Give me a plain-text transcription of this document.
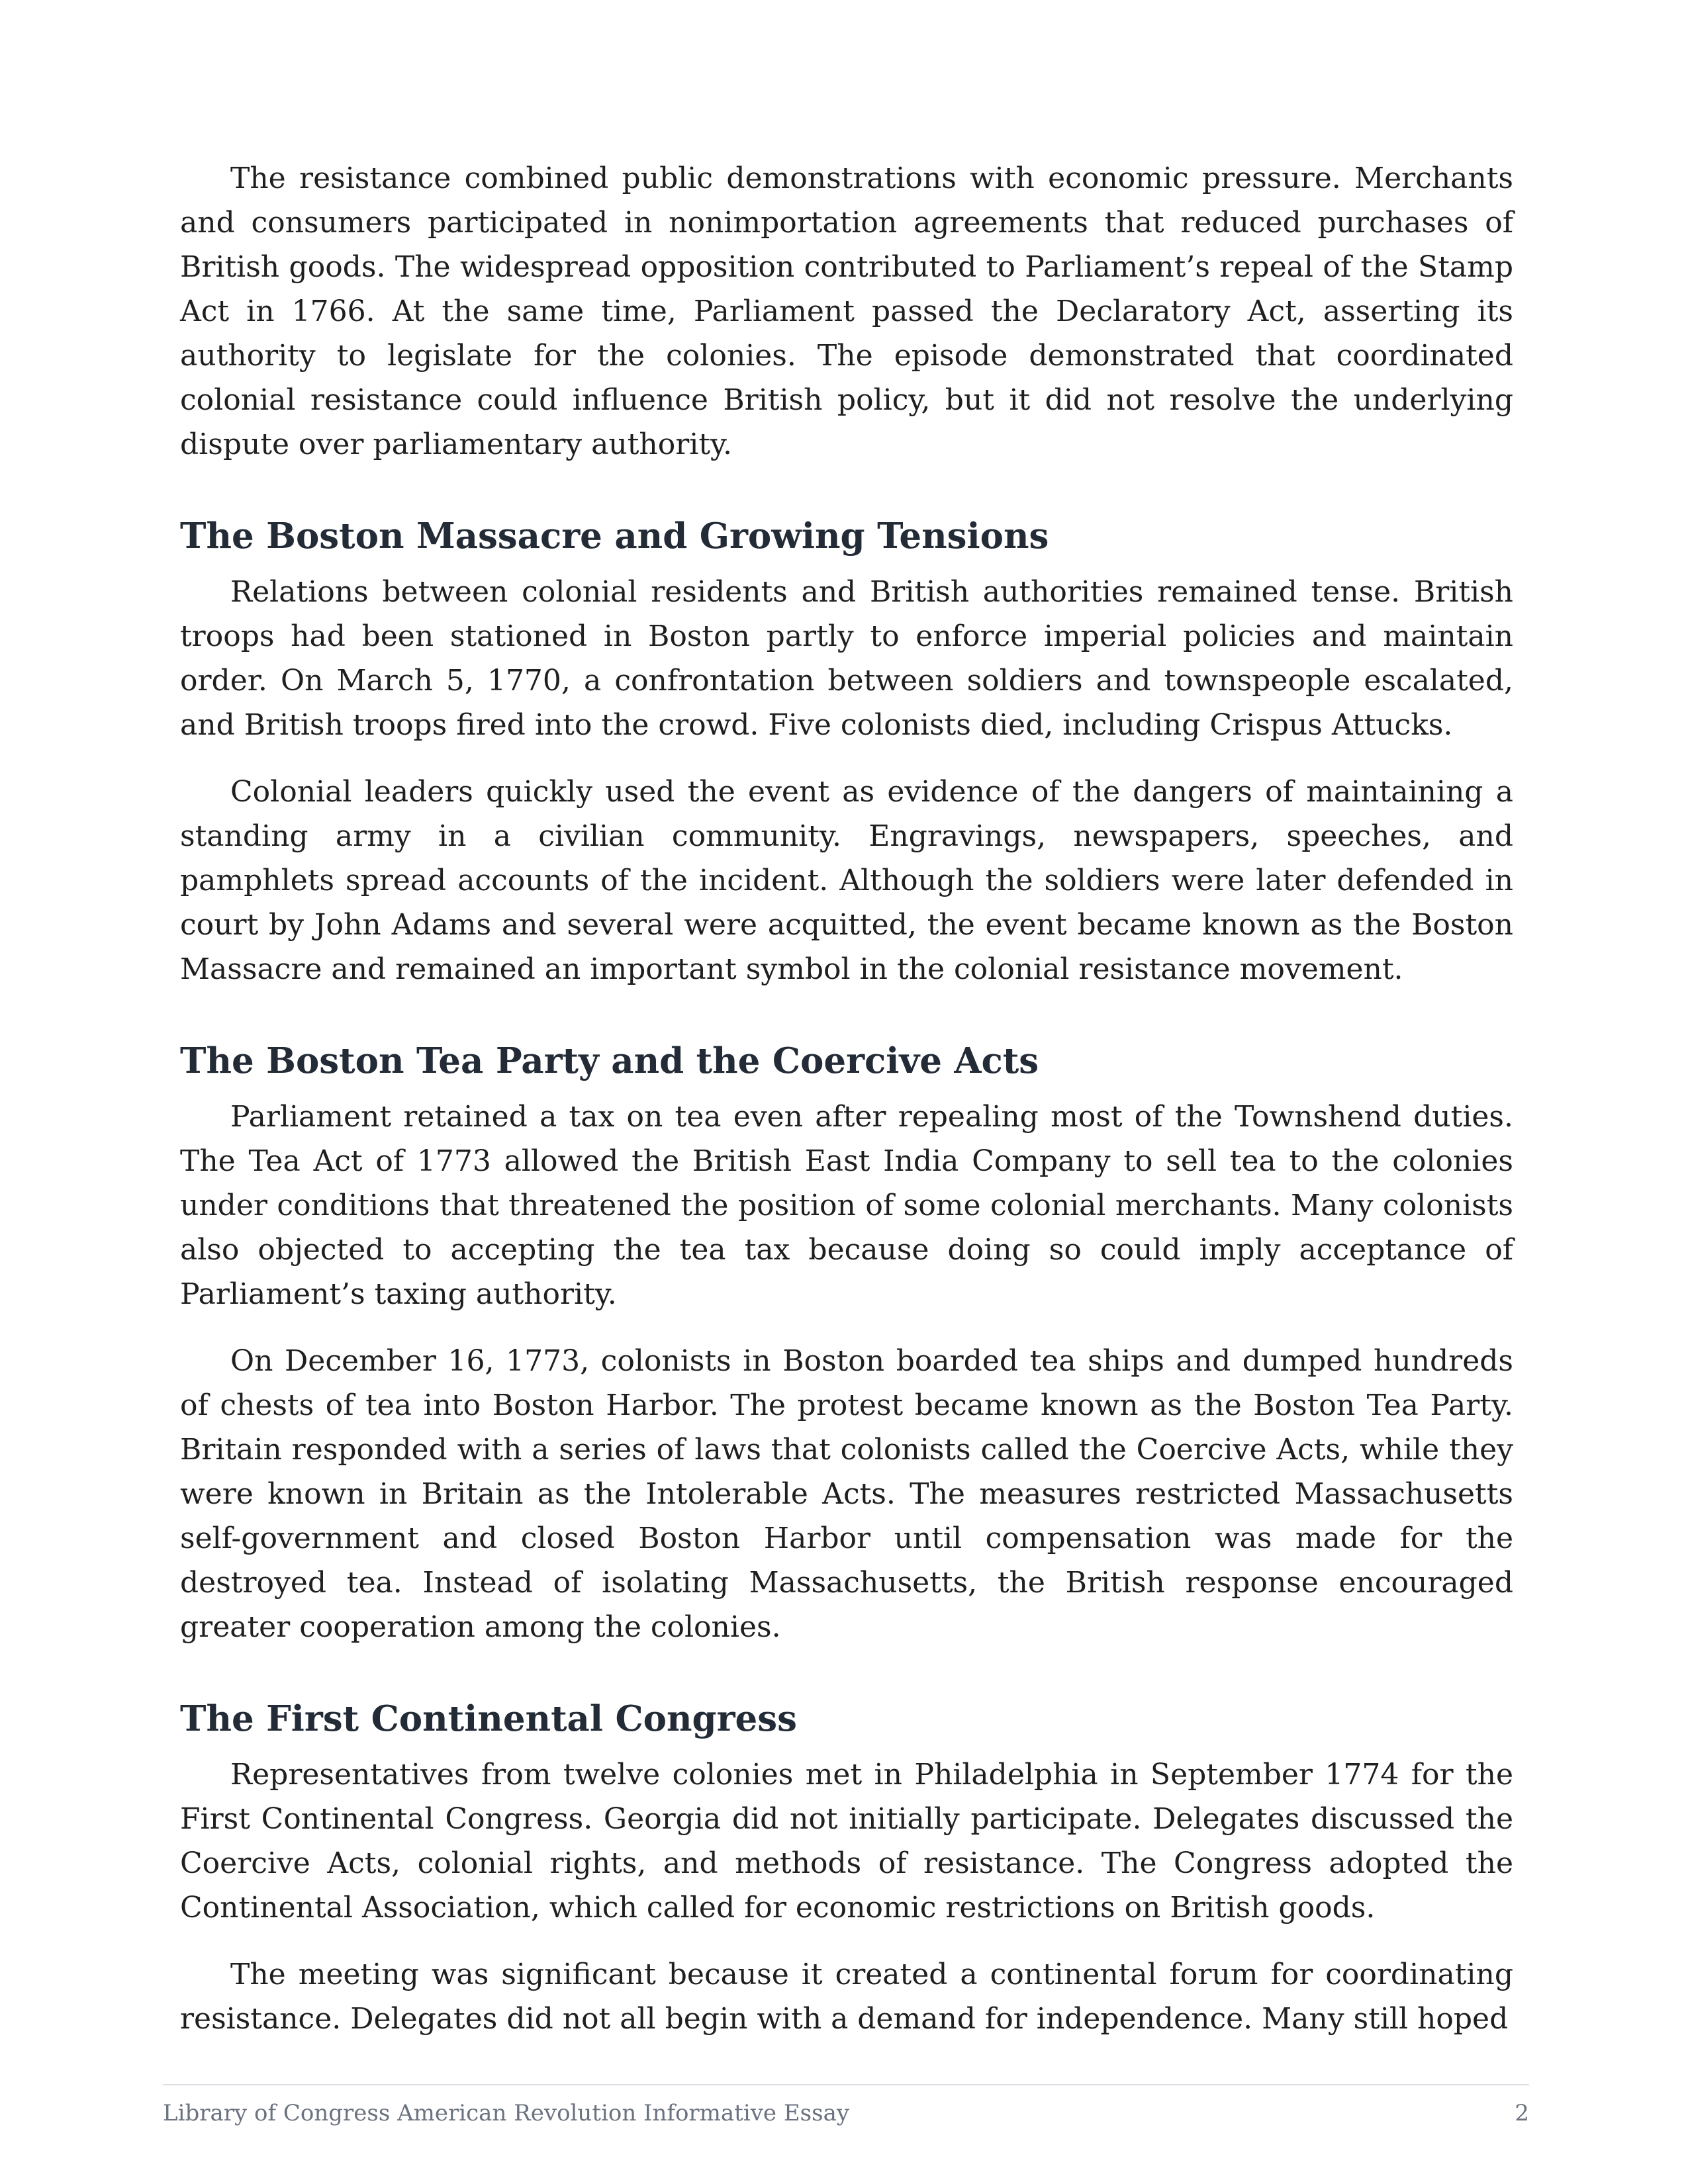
The resistance combined public demonstrations with economic pressure. Merchants and consumers participated in nonimportation agreements that reduced purchases of British goods. The widespread opposition contributed to Parliament’s repeal of the Stamp Act in 1766. At the same time, Parliament passed the Declaratory Act, asserting its authority to legislate for the colonies. The episode demonstrated that coordinated colonial resistance could influence British policy, but it did not resolve the underlying dispute over parliamentary authority.

The Boston Massacre and Growing Tensions

Relations between colonial residents and British authorities remained tense. British troops had been stationed in Boston partly to enforce imperial policies and maintain order. On March 5, 1770, a confrontation between soldiers and townspeople escalated, and British troops fired into the crowd. Five colonists died, including Crispus Attucks.

Colonial leaders quickly used the event as evidence of the dangers of maintaining a standing army in a civilian community. Engravings, newspapers, speeches, and pamphlets spread accounts of the incident. Although the soldiers were later defended in court by John Adams and several were acquitted, the event became known as the Boston Massacre and remained an important symbol in the colonial resistance movement.

The Boston Tea Party and the Coercive Acts

Parliament retained a tax on tea even after repealing most of the Townshend duties. The Tea Act of 1773 allowed the British East India Company to sell tea to the colonies under conditions that threatened the position of some colonial merchants. Many colonists also objected to accepting the tea tax because doing so could imply acceptance of Parliament’s taxing authority.

On December 16, 1773, colonists in Boston boarded tea ships and dumped hundreds of chests of tea into Boston Harbor. The protest became known as the Boston Tea Party. Britain responded with a series of laws that colonists called the Coercive Acts, while they were known in Britain as the Intolerable Acts. The measures restricted Massachusetts self-government and closed Boston Harbor until compensation was made for the destroyed tea. Instead of isolating Massachusetts, the British response encouraged greater cooperation among the colonies.

The First Continental Congress

Representatives from twelve colonies met in Philadelphia in September 1774 for the First Continental Congress. Georgia did not initially participate. Delegates discussed the Coercive Acts, colonial rights, and methods of resistance. The Congress adopted the Continental Association, which called for economic restrictions on British goods.

The meeting was significant because it created a continental forum for coordinating resistance. Delegates did not all begin with a demand for independence. Many still hoped

Library of Congress American Revolution Informative Essay	2
